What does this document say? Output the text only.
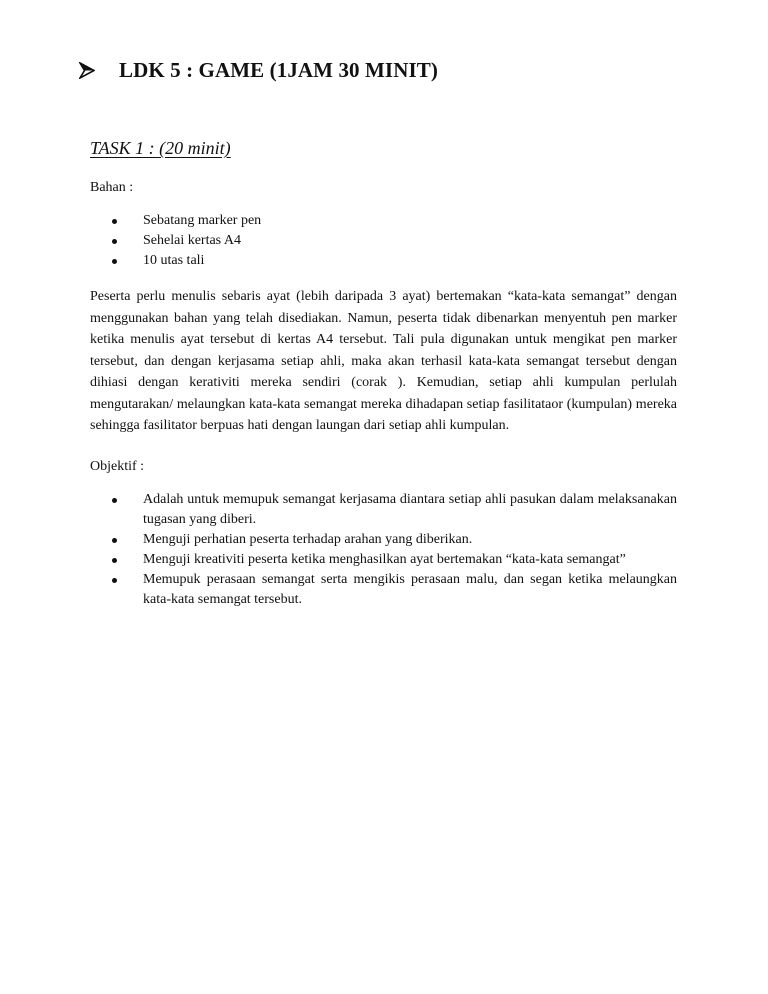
LDK 5 : GAME (1JAM 30 MINIT)
TASK 1 : (20 minit)
Bahan :
Sebatang marker pen
Sehelai kertas A4
10 utas tali

Peserta perlu menulis sebaris ayat (lebih daripada 3 ayat) bertemakan “kata-kata semangat” dengan menggunakan bahan yang telah disediakan. Namun, peserta tidak dibenarkan menyentuh pen marker ketika menulis ayat tersebut di kertas A4 tersebut. Tali pula digunakan untuk mengikat pen marker tersebut, dan dengan kerjasama setiap ahli, maka akan terhasil kata-kata semangat tersebut dengan dihiasi dengan kerativiti mereka sendiri (corak ). Kemudian, setiap ahli kumpulan perlulah mengutarakan/ melaungkan kata-kata semangat mereka dihadapan setiap fasilitataor (kumpulan) mereka sehingga fasilitator berpuas hati dengan laungan dari setiap ahli kumpulan.

Objektif :
Adalah untuk memupuk semangat kerjasama diantara setiap ahli pasukan dalam melaksanakan tugasan yang diberi.
Menguji perhatian peserta terhadap arahan yang diberikan.
Menguji kreativiti peserta ketika menghasilkan ayat bertemakan “kata-kata semangat”
Memupuk perasaan semangat serta mengikis perasaan malu, dan segan ketika melaungkan kata-kata semangat tersebut.
